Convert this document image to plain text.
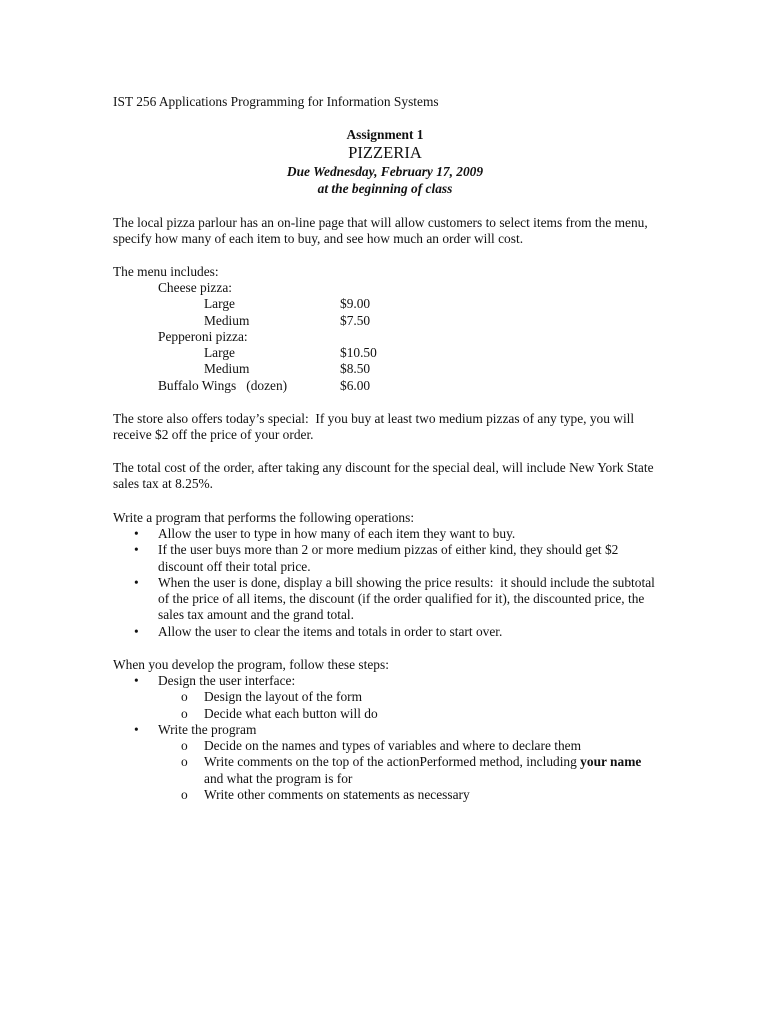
IST 256 Applications Programming for Information Systems
Assignment 1
PIZZERIA
Due Wednesday, February 17, 2009
at the beginning of class
The local pizza parlour has an on-line page that will allow customers to select items from the menu, specify how many of each item to buy, and see how much an order will cost.
The menu includes:
Cheese pizza:
Large	$9.00
Medium	$7.50
Pepperoni pizza:
Large	$10.50
Medium	$8.50
Buffalo Wings   (dozen)	$6.00
The store also offers today’s special:  If you buy at least two medium pizzas of any type, you will receive $2 off the price of your order.
The total cost of the order, after taking any discount for the special deal, will include New York State sales tax at 8.25%.
Write a program that performs the following operations:
• Allow the user to type in how many of each item they want to buy.
• If the user buys more than 2 or more medium pizzas of either kind, they should get $2 discount off their total price.
• When the user is done, display a bill showing the price results:  it should include the subtotal of the price of all items, the discount (if the order qualified for it), the discounted price, the sales tax amount and the grand total.
• Allow the user to clear the items and totals in order to start over.
When you develop the program, follow these steps:
• Design the user interface:
o Design the layout of the form
o Decide what each button will do
• Write the program
o Decide on the names and types of variables and where to declare them
o Write comments on the top of the actionPerformed method, including your name and what the program is for
o Write other comments on statements as necessary
